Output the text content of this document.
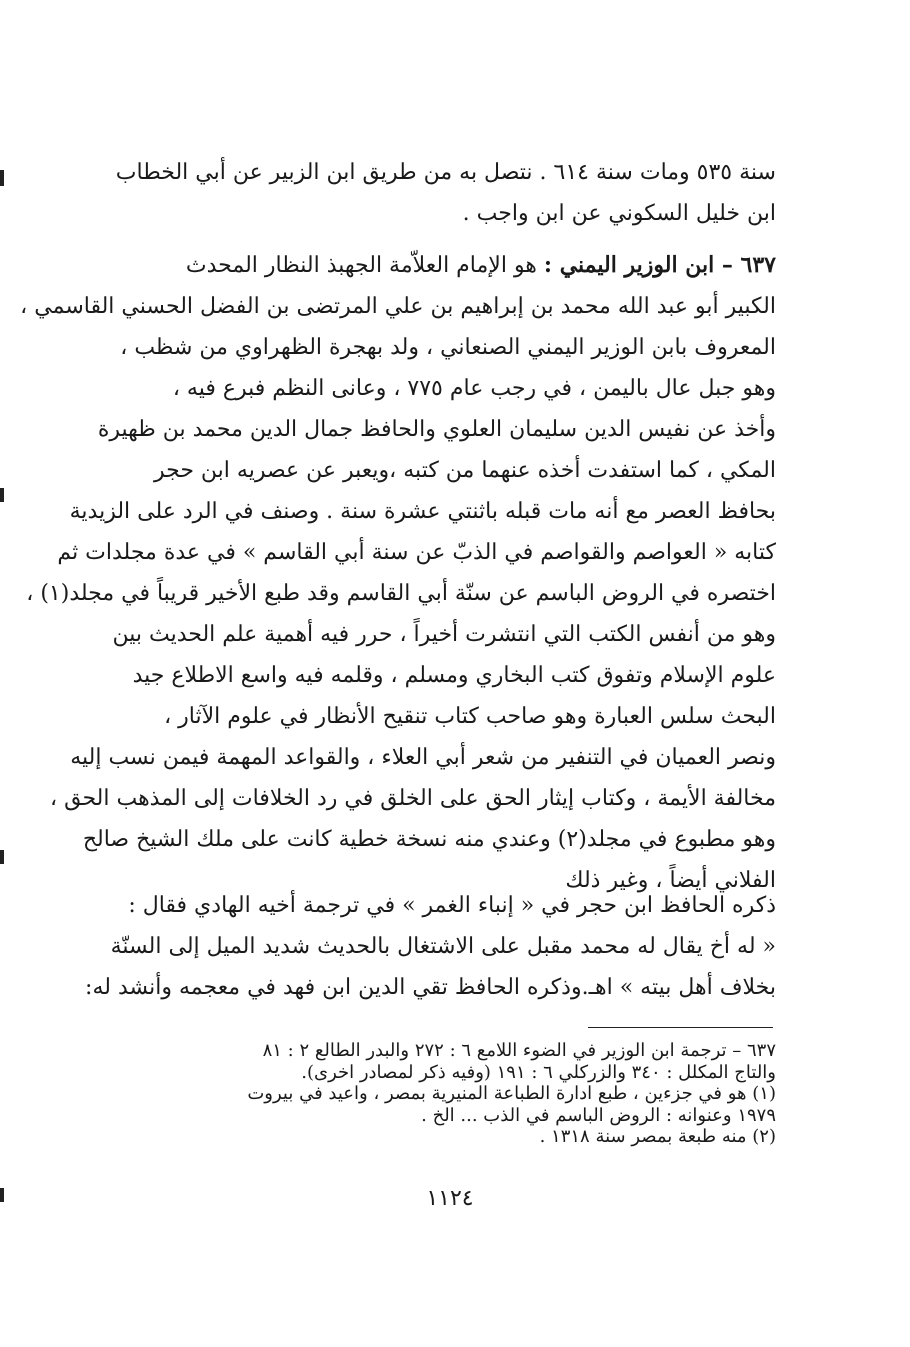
سنة ٥٣٥ ومات سنة ٦١٤ . نتصل به من طريق ابن الزبير عن أبي الخطاب
ابن خليل السكوني عن ابن واجب .
٦٣٧ – ابن الوزير اليمني : هو الإمام العلاّمة الجهبذ النظار المحدث
الكبير أبو عبد الله محمد بن إبراهيم بن علي المرتضى بن الفضل الحسني القاسمي ،
المعروف بابن الوزير اليمني الصنعاني ، ولد بهجرة الظهراوي من شظب ،
وهو جبل عال باليمن ، في رجب عام ٧٧٥ ، وعانى النظم فبرع فيه ،
وأخذ عن نفيس الدين سليمان العلوي والحافظ جمال الدين محمد بن ظهيرة
المكي ، كما استفدت أخذه عنهما من كتبه ،ويعبر عن عصريه ابن حجر
بحافظ العصر مع أنه مات قبله باثنتي عشرة سنة . وصنف في الرد على الزيدية
كتابه « العواصم والقواصم في الذبّ عن سنة أبي القاسم » في عدة مجلدات ثم
اختصره في الروض الباسم عن سنّة أبي القاسم وقد طبع الأخير قريباً في مجلد(١) ،
وهو من أنفس الكتب التي انتشرت أخيراً ، حرر فيه أهمية علم الحديث بين
علوم الإسلام وتفوق كتب البخاري ومسلم ، وقلمه فيه واسع الاطلاع جيد
البحث سلس العبارة وهو صاحب كتاب تنقيح الأنظار في علوم الآثار ،
ونصر العميان في التنفير من شعر أبي العلاء ، والقواعد المهمة فيمن نسب إليه
مخالفة الأيمة ، وكتاب إيثار الحق على الخلق في رد الخلافات إلى المذهب الحق ،
وهو مطبوع في مجلد(٢) وعندي منه نسخة خطية كانت على ملك الشيخ صالح
الفلاني أيضاً ، وغير ذلك
ذكره الحافظ ابن حجر في « إنباء الغمر » في ترجمة أخيه الهادي فقال :
« له أخ يقال له محمد مقبل على الاشتغال بالحديث شديد الميل إلى السنّة
بخلاف أهل بيته » اهـ.وذكره الحافظ تقي الدين ابن فهد في معجمه وأنشد له:
٦٣٧ – ترجمة ابن الوزير في الضوء اللامع ٦ : ٢٧٢ والبدر الطالع ٢ : ٨١
والتاج المكلل : ٣٤٠ والزركلي ٦ : ١٩١ (وفيه ذكر لمصادر اخرى).
(١) هو في جزءين ، طبع ادارة الطباعة المنيرية بمصر ، واعيد في بيروت
١٩٧٩ وعنوانه : الروض الباسم في الذب ... الخ .
(٢) منه طبعة بمصر سنة ١٣١٨ .
١١٢٤
